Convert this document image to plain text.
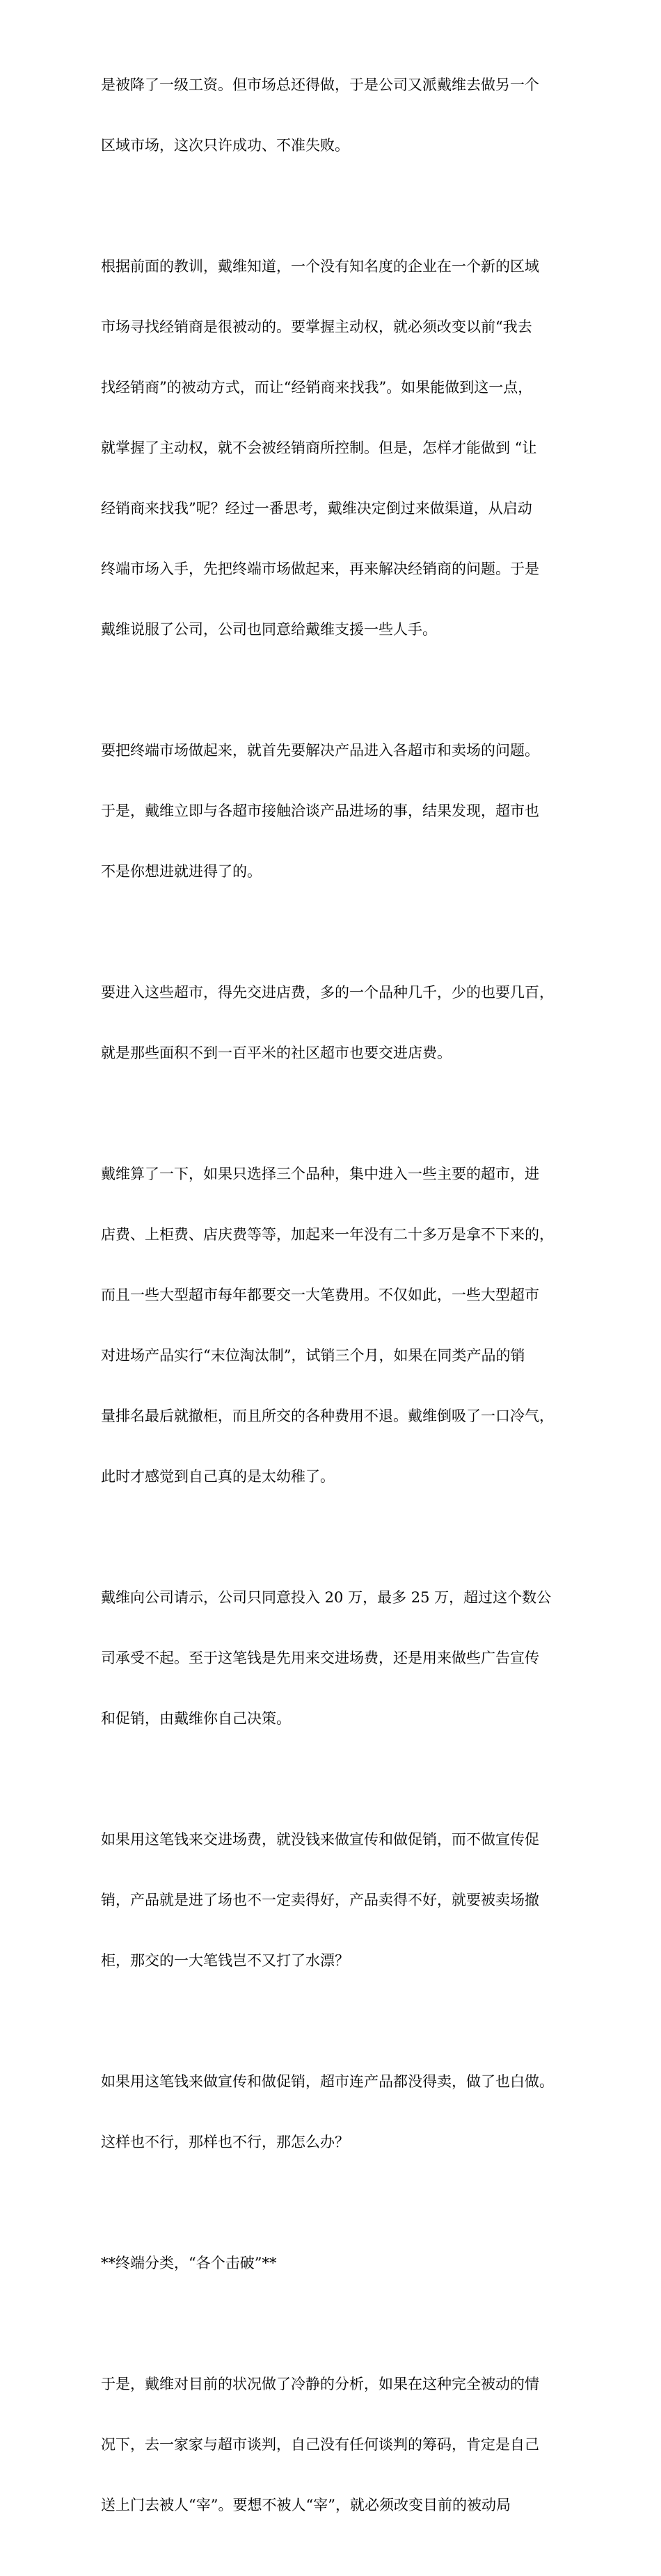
是被降了一级工资。但市场总还得做，于是公司又派戴维去做另一个

区域市场，这次只许成功、不准失败。

根据前面的教训，戴维知道，一个没有知名度的企业在一个新的区域

市场寻找经销商是很被动的。要掌握主动权，就必须改变以前“我去

找经销商”的被动方式，而让“经销商来找我”。如果能做到这一点，

就掌握了主动权，就不会被经销商所控制。但是，怎样才能做到 “让

经销商来找我”呢？经过一番思考，戴维决定倒过来做渠道，从启动

终端市场入手，先把终端市场做起来，再来解决经销商的问题。于是

戴维说服了公司，公司也同意给戴维支援一些人手。

要把终端市场做起来，就首先要解决产品进入各超市和卖场的问题。

于是，戴维立即与各超市接触洽谈产品进场的事，结果发现，超市也

不是你想进就进得了的。

要进入这些超市，得先交进店费，多的一个品种几千，少的也要几百，

就是那些面积不到一百平米的社区超市也要交进店费。

戴维算了一下，如果只选择三个品种，集中进入一些主要的超市，进

店费、上柜费、店庆费等等，加起来一年没有二十多万是拿不下来的，

而且一些大型超市每年都要交一大笔费用。不仅如此，一些大型超市

对进场产品实行“末位淘汰制”，试销三个月，如果在同类产品的销

量排名最后就撤柜，而且所交的各种费用不退。戴维倒吸了一口冷气，

此时才感觉到自己真的是太幼稚了。

戴维向公司请示，公司只同意投入 20 万，最多 25 万，超过这个数公

司承受不起。至于这笔钱是先用来交进场费，还是用来做些广告宣传

和促销，由戴维你自己决策。

如果用这笔钱来交进场费，就没钱来做宣传和做促销，而不做宣传促

销，产品就是进了场也不一定卖得好，产品卖得不好，就要被卖场撤

柜，那交的一大笔钱岂不又打了水漂？

如果用这笔钱来做宣传和做促销，超市连产品都没得卖，做了也白做。

这样也不行，那样也不行，那怎么办？

**终端分类，“各个击破”**

于是，戴维对目前的状况做了冷静的分析，如果在这种完全被动的情

况下，去一家家与超市谈判，自己没有任何谈判的筹码，肯定是自己

送上门去被人“宰”。要想不被人“宰”，就必须改变目前的被动局
